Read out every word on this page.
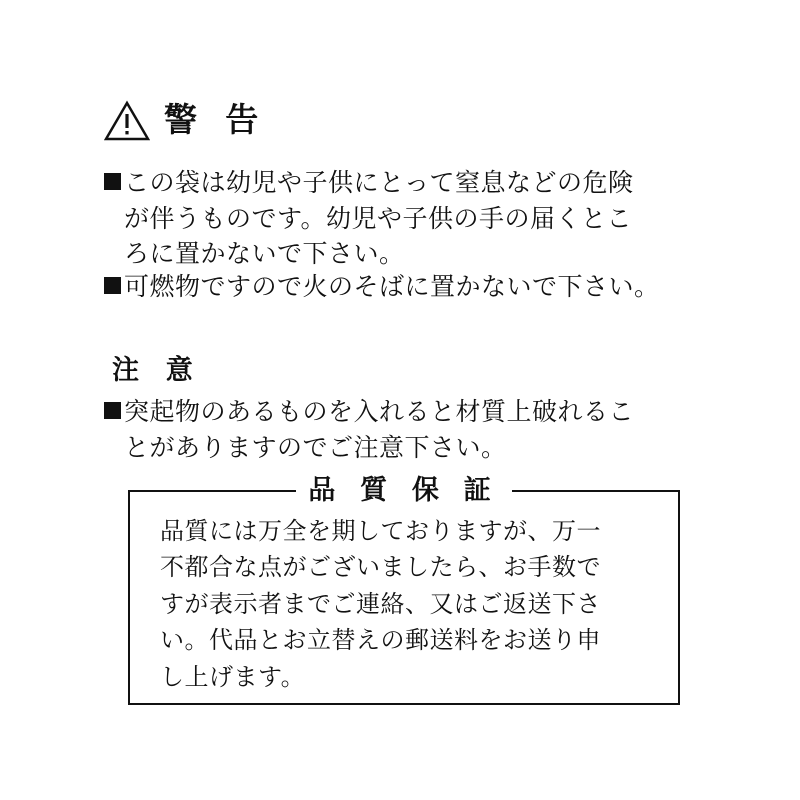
警 告
この袋は幼児や子供にとって窒息などの危険
が伴うものです。幼児や子供の手の届くとこ
ろに置かないで下さい。
可燃物ですので火のそばに置かないで下さい。
注 意
突起物のあるものを入れると材質上破れるこ
とがありますのでご注意下さい。
品 質 保 証
品質には万全を期しておりますが、万一
不都合な点がございましたら、お手数で
すが表示者までご連絡、又はご返送下さ
い。代品とお立替えの郵送料をお送り申
し上げます。
